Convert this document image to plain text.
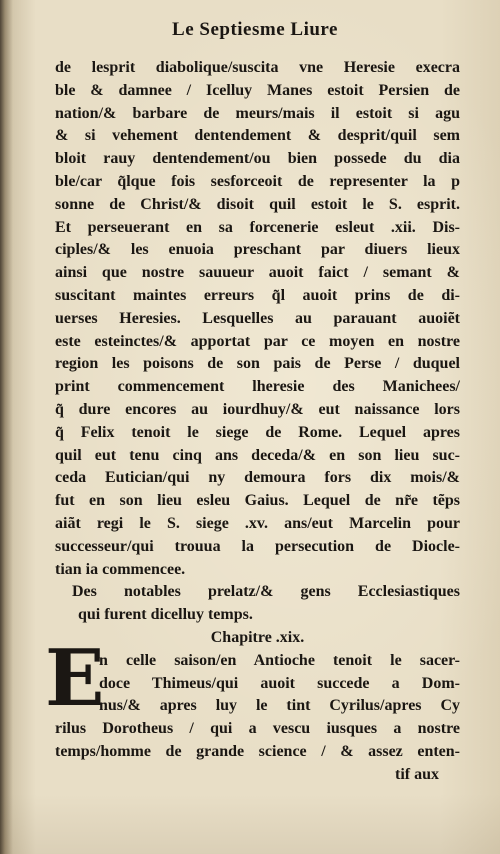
Le Septiesme Liure
de lesprit diabolique/suscita vne Heresie execra
ble & damnee / Icelluy Manes estoit Persien de
nation/& barbare de meurs/mais il estoit si agu
& si vehement dentendement & desprit/quil sem
bloit rauy dentendement/ou bien possede du dia
ble/car q̃lque fois sesforceoit de representer la p
sonne de Christ/& disoit quil estoit le S. esprit.
Et perseuerant en sa forcenerie esleut .xii. Dis-
ciples/& les enuoia preschant par diuers lieux
ainsi que nostre sauueur auoit faict / semant &
suscitant maintes erreurs q̃l auoit prins de di-
uerses Heresies. Lesquelles au parauant auoiẽt
este esteinctes/& apportat par ce moyen en nostre
region les poisons de son pais de Perse / duquel
print commencement lheresie des Manichees/
q̃ dure encores au iourdhuy/& eut naissance lors
q̃ Felix tenoit le siege de Rome. Lequel apres
quil eut tenu cinq ans deceda/& en son lieu suc-
ceda Eutician/qui ny demoura fors dix mois/&
fut en son lieu esleu Gaius. Lequel de nr̃e tẽps
aiãt regi le S. siege .xv. ans/eut Marcelin pour
successeur/qui trouua la persecution de Diocle-
tian ia commencee.
Des notables prelatz/& gens Ecclesiastiques
qui furent dicelluy temps.
Chapitre .xix.
E
n celle saison/en Antioche tenoit le sacer-
doce Thimeus/qui auoit succede a Dom-
nus/& apres luy le tint Cyrilus/apres Cy
rilus Dorotheus / qui a vescu iusques a nostre
temps/homme de grande science / & assez enten-
tif aux
